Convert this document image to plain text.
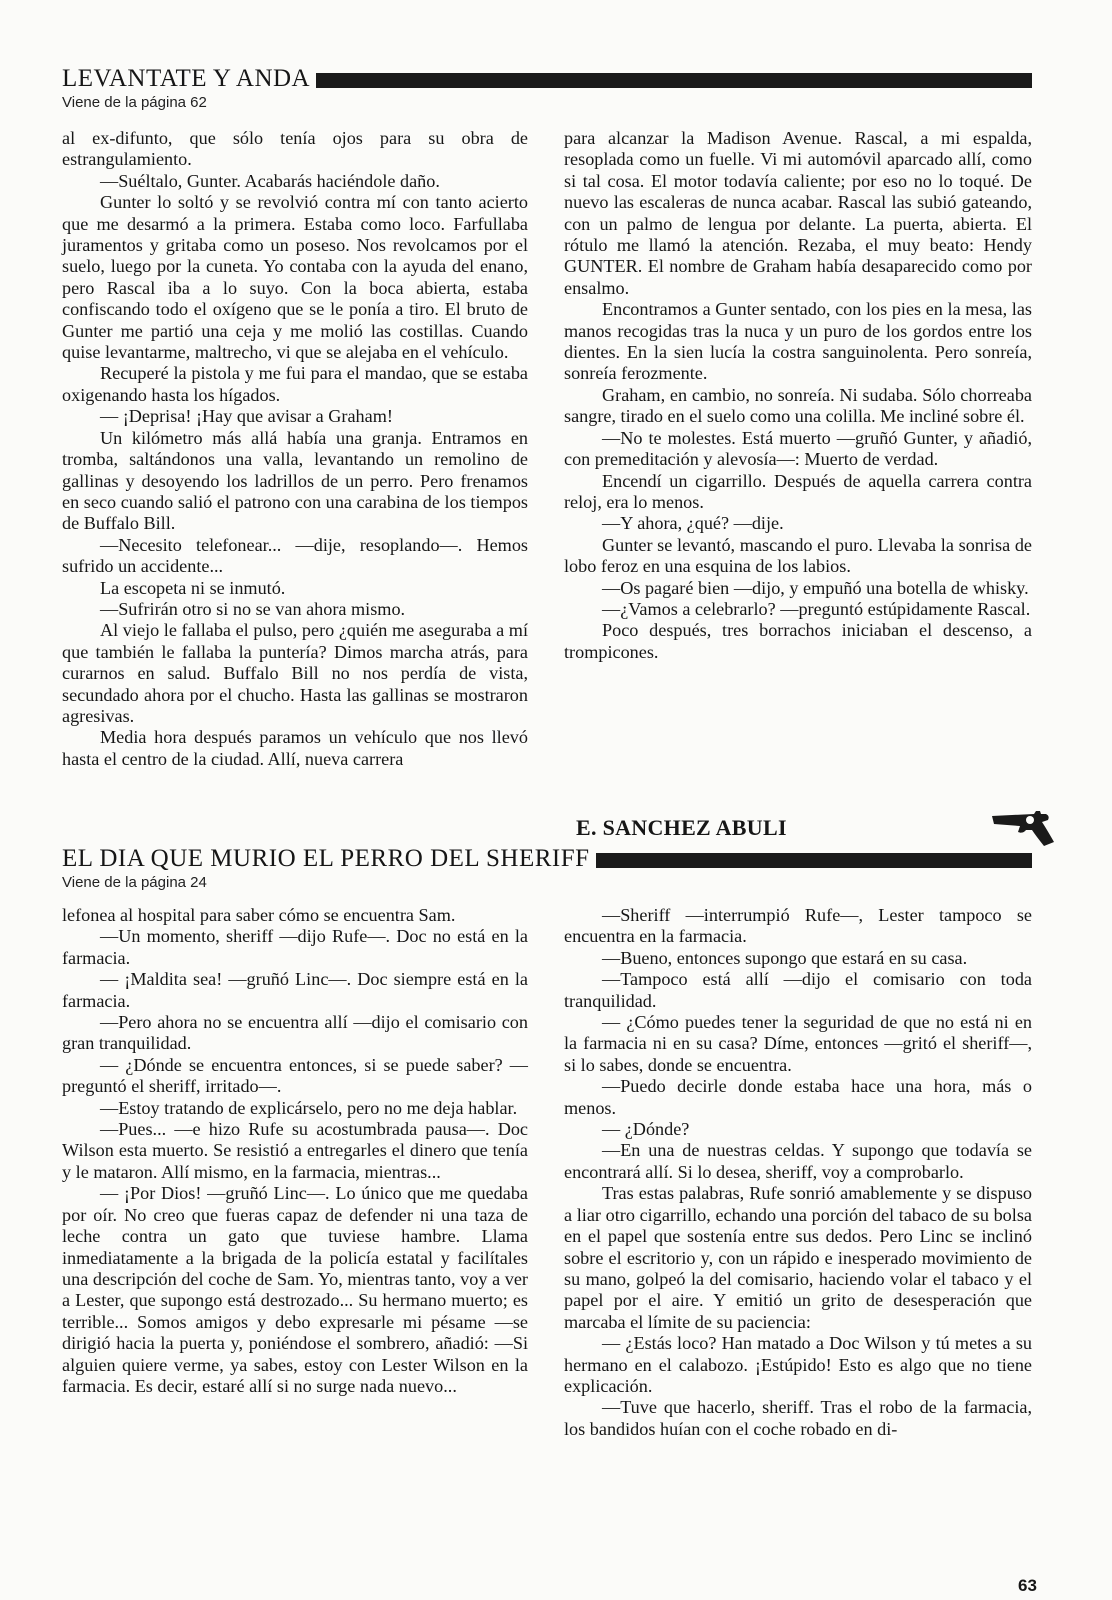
LEVANTATE Y ANDA
Viene de la página 62

al ex-difunto, que sólo tenía ojos para su obra de estrangulamiento.

—Suéltalo, Gunter. Acabarás haciéndole daño.

Gunter lo soltó y se revolvió contra mí con tanto acierto que me desarmó a la primera. Estaba como loco. Farfullaba juramentos y gritaba como un poseso. Nos revolcamos por el suelo, luego por la cuneta. Yo contaba con la ayuda del enano, pero Rascal iba a lo suyo. Con la boca abierta, estaba confiscando todo el oxígeno que se le ponía a tiro. El bruto de Gunter me partió una ceja y me molió las costillas. Cuando quise levantarme, maltrecho, vi que se alejaba en el vehículo.

Recuperé la pistola y me fui para el mandao, que se estaba oxigenando hasta los hígados.

— ¡Deprisa! ¡Hay que avisar a Graham!

Un kilómetro más allá había una granja. Entramos en tromba, saltándonos una valla, levantando un remolino de gallinas y desoyendo los ladrillos de un perro. Pero frenamos en seco cuando salió el patrono con una carabina de los tiempos de Buffalo Bill.

—Necesito telefonear... —dije, resoplando—. Hemos sufrido un accidente...

La escopeta ni se inmutó.

—Sufrirán otro si no se van ahora mismo.

Al viejo le fallaba el pulso, pero ¿quién me aseguraba a mí que también le fallaba la puntería? Dimos marcha atrás, para curarnos en salud. Buffalo Bill no nos perdía de vista, secundado ahora por el chucho. Hasta las gallinas se mostraron agresivas.

Media hora después paramos un vehículo que nos llevó hasta el centro de la ciudad. Allí, nueva carrera

para alcanzar la Madison Avenue. Rascal, a mi espalda, resoplada como un fuelle. Vi mi automóvil aparcado allí, como si tal cosa. El motor todavía caliente; por eso no lo toqué. De nuevo las escaleras de nunca acabar. Rascal las subió gateando, con un palmo de lengua por delante. La puerta, abierta. El rótulo me llamó la atención. Rezaba, el muy beato: Hendy GUNTER. El nombre de Graham había desaparecido como por ensalmo.

Encontramos a Gunter sentado, con los pies en la mesa, las manos recogidas tras la nuca y un puro de los gordos entre los dientes. En la sien lucía la costra sanguinolenta. Pero sonreía, sonreía ferozmente.

Graham, en cambio, no sonreía. Ni sudaba. Sólo chorreaba sangre, tirado en el suelo como una colilla. Me incliné sobre él.

—No te molestes. Está muerto —gruñó Gunter, y añadió, con premeditación y alevosía—: Muerto de verdad.

Encendí un cigarrillo. Después de aquella carrera contra reloj, era lo menos.

—Y ahora, ¿qué? —dije.

Gunter se levantó, mascando el puro. Llevaba la sonrisa de lobo feroz en una esquina de los labios.

—Os pagaré bien —dijo, y empuñó una botella de whisky.

—¿Vamos a celebrarlo? —preguntó estúpidamente Rascal.

Poco después, tres borrachos iniciaban el descenso, a trompicones.

E. SANCHEZ ABULI
EL DIA QUE MURIO EL PERRO DEL SHERIFF
Viene de la página 24

lefonea al hospital para saber cómo se encuentra Sam.

—Un momento, sheriff —dijo Rufe—. Doc no está en la farmacia.

— ¡Maldita sea! —gruñó Linc—. Doc siempre está en la farmacia.

—Pero ahora no se encuentra allí —dijo el comisario con gran tranquilidad.

— ¿Dónde se encuentra entonces, si se puede saber? —preguntó el sheriff, irritado—.

—Estoy tratando de explicárselo, pero no me deja hablar.

—Pues... —e hizo Rufe su acostumbrada pausa—. Doc Wilson esta muerto. Se resistió a entregarles el dinero que tenía y le mataron. Allí mismo, en la farmacia, mientras...

— ¡Por Dios! —gruñó Linc—. Lo único que me quedaba por oír. No creo que fueras capaz de defender ni una taza de leche contra un gato que tuviese hambre. Llama inmediatamente a la brigada de la policía estatal y facilítales una descripción del coche de Sam. Yo, mientras tanto, voy a ver a Lester, que supongo está destrozado... Su hermano muerto; es terrible... Somos amigos y debo expresarle mi pésame —se dirigió hacia la puerta y, poniéndose el sombrero, añadió: —Si alguien quiere verme, ya sabes, estoy con Lester Wilson en la farmacia. Es decir, estaré allí si no surge nada nuevo...

—Sheriff —interrumpió Rufe—, Lester tampoco se encuentra en la farmacia.

—Bueno, entonces supongo que estará en su casa.

—Tampoco está allí —dijo el comisario con toda tranquilidad.

— ¿Cómo puedes tener la seguridad de que no está ni en la farmacia ni en su casa? Díme, entonces —gritó el sheriff—, si lo sabes, donde se encuentra.

—Puedo decirle donde estaba hace una hora, más o menos.

— ¿Dónde?

—En una de nuestras celdas. Y supongo que todavía se encontrará allí. Si lo desea, sheriff, voy a comprobarlo.

Tras estas palabras, Rufe sonrió amablemente y se dispuso a liar otro cigarrillo, echando una porción del tabaco de su bolsa en el papel que sostenía entre sus dedos. Pero Linc se inclinó sobre el escritorio y, con un rápido e inesperado movimiento de su mano, golpeó la del comisario, haciendo volar el tabaco y el papel por el aire. Y emitió un grito de desesperación que marcaba el límite de su paciencia:

— ¿Estás loco? Han matado a Doc Wilson y tú metes a su hermano en el calabozo. ¡Estúpido! Esto es algo que no tiene explicación.

—Tuve que hacerlo, sheriff. Tras el robo de la farmacia, los bandidos huían con el coche robado en di-

63
